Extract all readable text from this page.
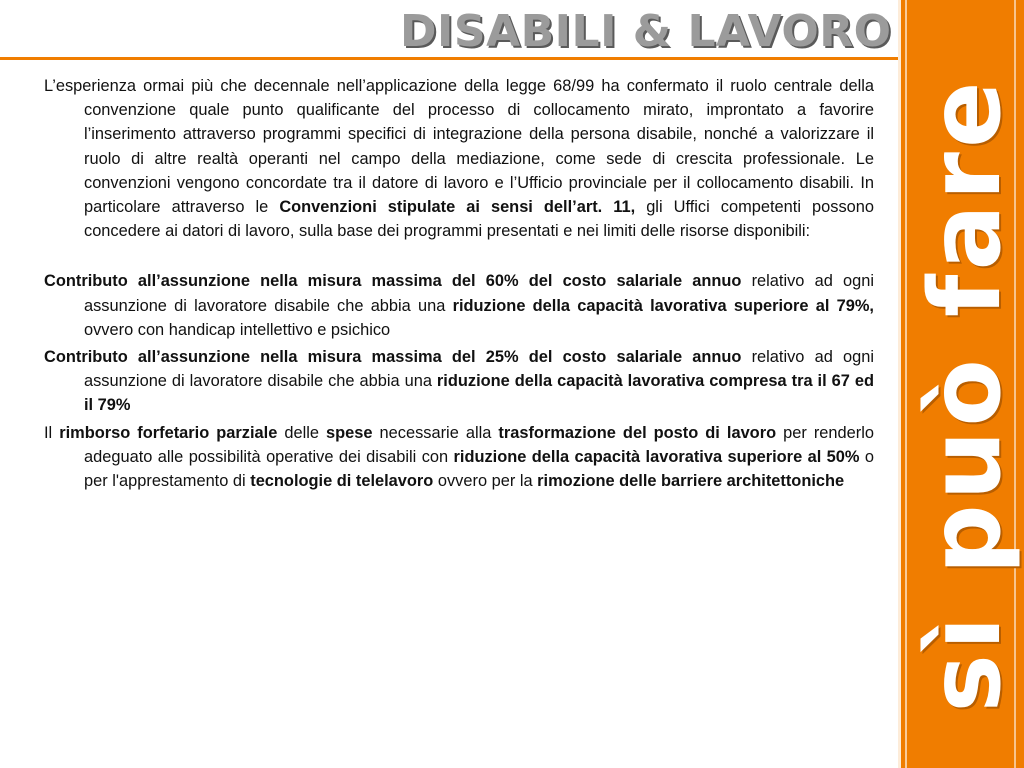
DISABILI & LAVORO
sì può fare

L’esperienza ormai più che decennale nell’applicazione della legge 68/99 ha confermato il ruolo centrale della convenzione quale punto qualificante del processo di collocamento mirato, improntato a favorire l’inserimento attraverso programmi specifici di integrazione della persona disabile, nonché a valorizzare il ruolo di altre realtà operanti nel campo della mediazione, come sede di crescita professionale. Le convenzioni vengono concordate tra il datore di lavoro e l’Ufficio provinciale per il collocamento disabili. In particolare attraverso le Convenzioni stipulate ai sensi dell’art. 11, gli Uffici competenti possono concedere ai datori di lavoro, sulla base dei programmi presentati e nei limiti delle risorse disponibili:

Contributo all’assunzione nella misura massima del 60% del costo salariale annuo relativo ad ogni assunzione di lavoratore disabile che abbia una riduzione della capacità lavorativa superiore al 79%, ovvero con handicap intellettivo e psichico

Contributo all’assunzione nella misura massima del 25% del costo salariale annuo relativo ad ogni assunzione di lavoratore disabile che abbia una riduzione della capacità lavorativa compresa tra il 67 ed il 79%

Il rimborso forfetario parziale delle spese necessarie alla trasformazione del posto di lavoro per renderlo adeguato alle possibilità operative dei disabili con riduzione della capacità lavorativa superiore al 50% o per l'apprestamento di tecnologie di telelavoro ovvero per la rimozione delle barriere architettoniche
